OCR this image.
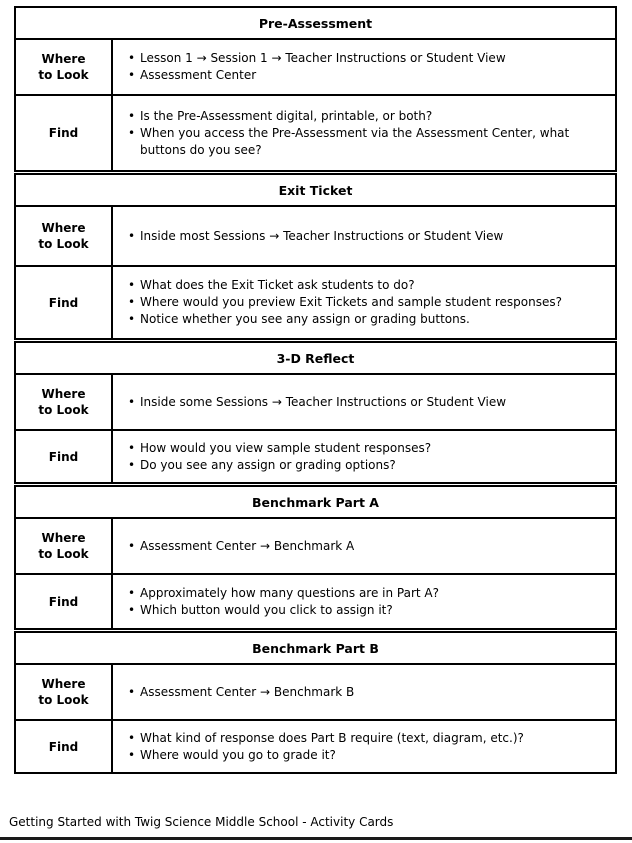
Pre-Assessment
Where to Look
• Lesson 1 → Session 1 → Teacher Instructions or Student View
• Assessment Center
Find
• Is the Pre-Assessment digital, printable, or both?
• When you access the Pre-Assessment via the Assessment Center, what buttons do you see?
Exit Ticket
Where to Look
• Inside most Sessions → Teacher Instructions or Student View
Find
• What does the Exit Ticket ask students to do?
• Where would you preview Exit Tickets and sample student responses?
• Notice whether you see any assign or grading buttons.
3-D Reflect
Where to Look
• Inside some Sessions → Teacher Instructions or Student View
Find
• How would you view sample student responses?
• Do you see any assign or grading options?
Benchmark Part A
Where to Look
• Assessment Center → Benchmark A
Find
• Approximately how many questions are in Part A?
• Which button would you click to assign it?
Benchmark Part B
Where to Look
• Assessment Center → Benchmark B
Find
• What kind of response does Part B require (text, diagram, etc.)?
• Where would you go to grade it?
Getting Started with Twig Science Middle School - Activity Cards
